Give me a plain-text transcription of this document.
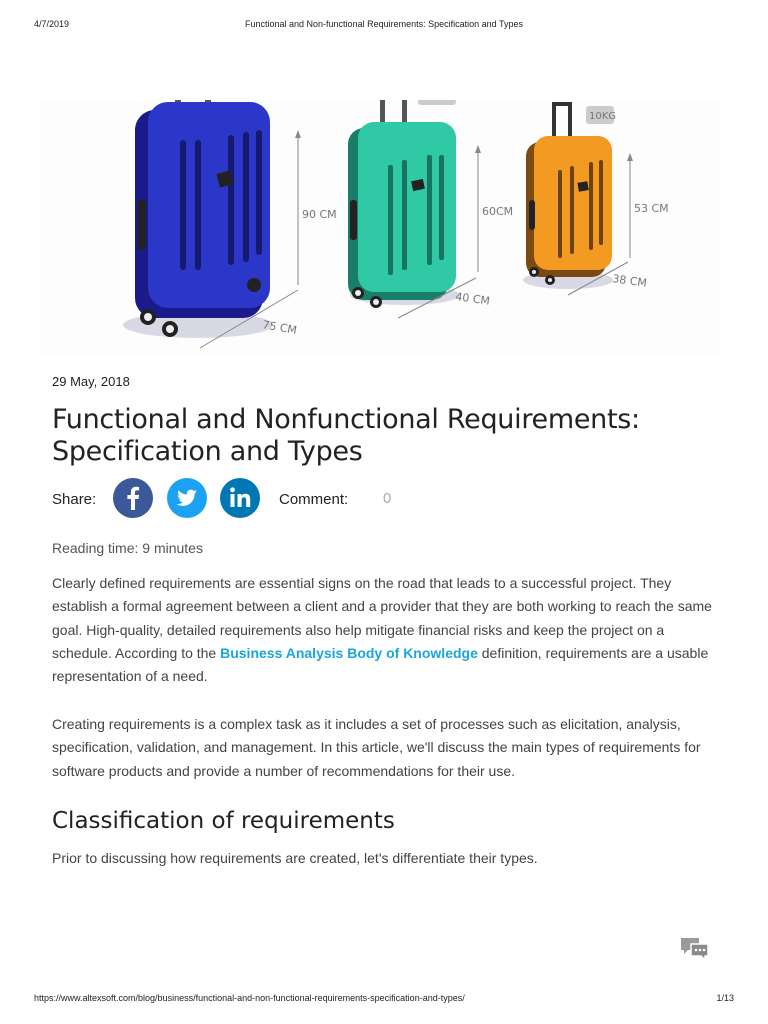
4/7/2019	Functional and Non-functional Requirements: Specification and Types
90 CM
75 CM
60CM
40 CM
10KG
53 CM
38 CM
29 May, 2018
Functional and Nonfunctional Requirements: Specification and Types
Share:	Comment: 0
Reading time: 9 minutes

Clearly defined requirements are essential signs on the road that leads to a successful project. They establish a formal agreement between a client and a provider that they are both working to reach the same goal. High-quality, detailed requirements also help mitigate financial risks and keep the project on a schedule. According to the Business Analysis Body of Knowledge definition, requirements are a usable representation of a need.

Creating requirements is a complex task as it includes a set of processes such as elicitation, analysis, specification, validation, and management. In this article, we'll discuss the main types of requirements for software products and provide a number of recommendations for their use.

Classification of requirements

Prior to discussing how requirements are created, let's differentiate their types.

https://www.altexsoft.com/blog/business/functional-and-non-functional-requirements-specification-and-types/	1/13
